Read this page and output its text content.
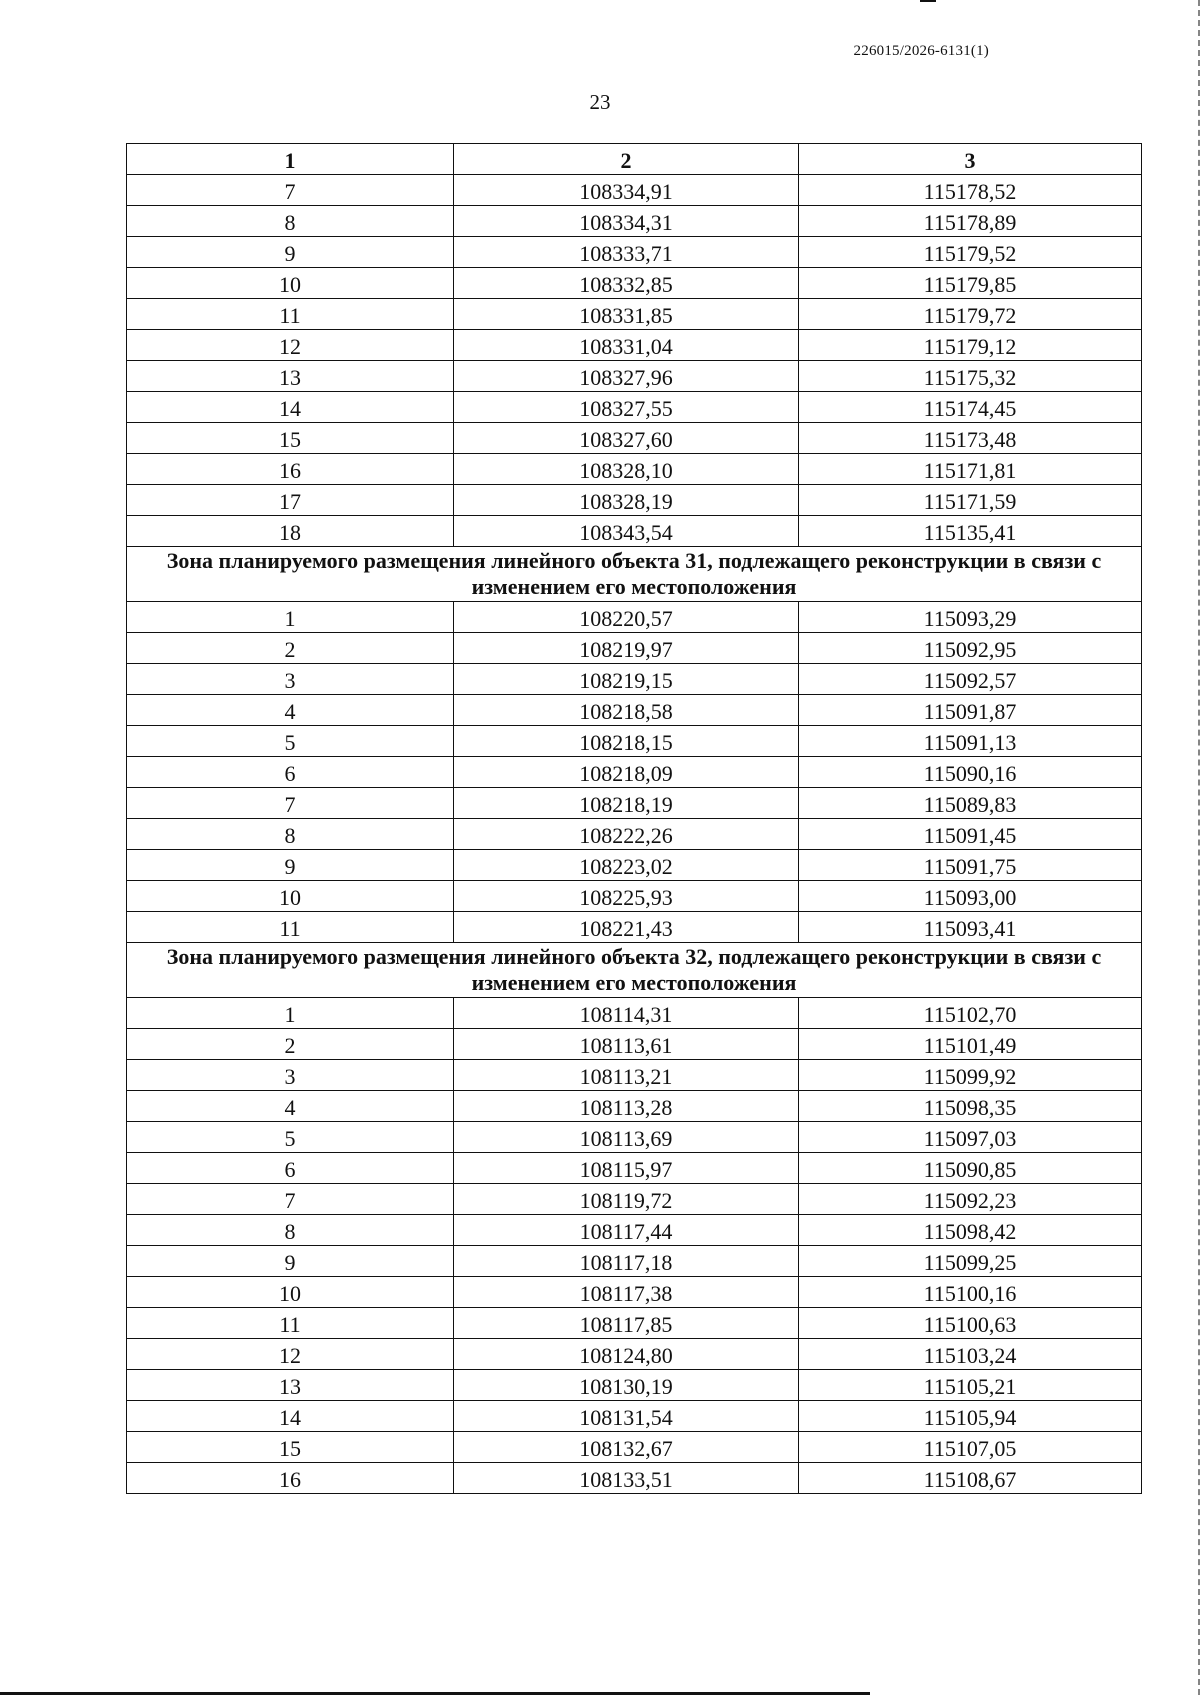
226015/2026-6131(1)
23
1	2	3
7	108334,91	115178,52
8	108334,31	115178,89
9	108333,71	115179,52
10	108332,85	115179,85
11	108331,85	115179,72
12	108331,04	115179,12
13	108327,96	115175,32
14	108327,55	115174,45
15	108327,60	115173,48
16	108328,10	115171,81
17	108328,19	115171,59
18	108343,54	115135,41
Зона планируемого размещения линейного объекта 31, подлежащего реконструкции в связи с изменением его местоположения		
1	108220,57	115093,29
2	108219,97	115092,95
3	108219,15	115092,57
4	108218,58	115091,87
5	108218,15	115091,13
6	108218,09	115090,16
7	108218,19	115089,83
8	108222,26	115091,45
9	108223,02	115091,75
10	108225,93	115093,00
11	108221,43	115093,41
Зона планируемого размещения линейного объекта 32, подлежащего реконструкции в связи с изменением его местоположения		
1	108114,31	115102,70
2	108113,61	115101,49
3	108113,21	115099,92
4	108113,28	115098,35
5	108113,69	115097,03
6	108115,97	115090,85
7	108119,72	115092,23
8	108117,44	115098,42
9	108117,18	115099,25
10	108117,38	115100,16
11	108117,85	115100,63
12	108124,80	115103,24
13	108130,19	115105,21
14	108131,54	115105,94
15	108132,67	115107,05
16	108133,51	115108,67
